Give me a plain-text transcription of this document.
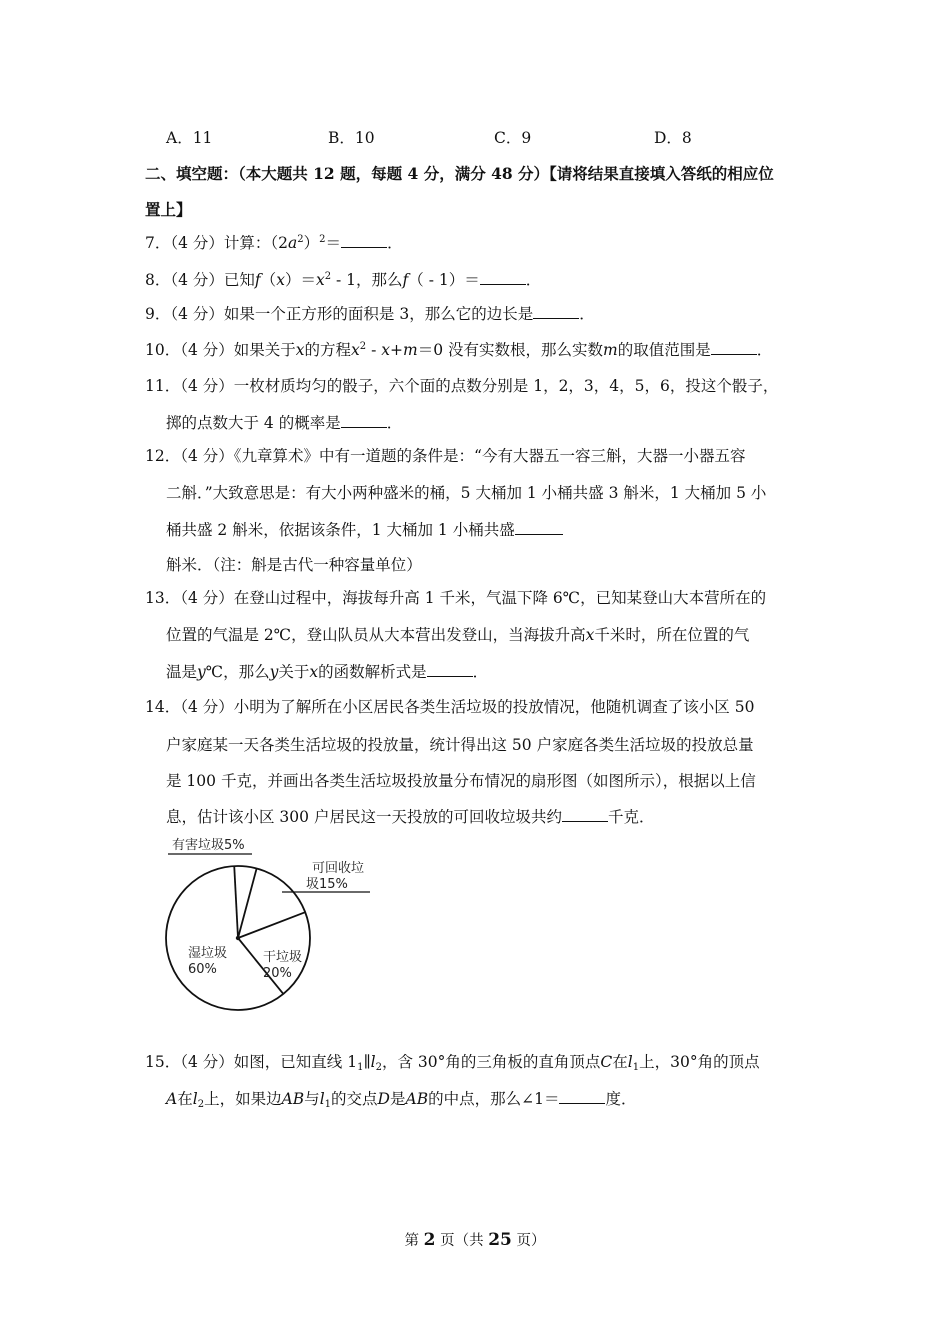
A．11	B．10	C．9	D．8
二、填空题：（本大题共 12 题，每题 4 分，满分 48 分）【请将结果直接填入答纸的相应位
置上】
7．（4 分）计算：$(2a^2)^2=$	．
8．（4 分）已知$f(x)=x^2 - 1$，那么f（ - 1）＝	．
9．（4 分）如果一个正方形的面积是 3，那么它的边长是	．
10．（4 分）如果关于x的方程$x^2 - x+m=0$ 没有实数根，那么实数m的取值范围是	．
11．（4 分）一枚材质均匀的骰子，六个面的点数分别是 1，2，3，4，5，6，投这个骰子，
掷的点数大于 4 的概率是	．
12．（4 分）《九章算术》中有一道题的条件是：“今有大器五一容三斛，大器一小器五容
二斛．”大致意思是：有大小两种盛米的桶，5 大桶加 1 小桶共盛 3 斛米，1 大桶加 5 小
桶共盛 2 斛米，依据该条件，1 大桶加 1 小桶共盛
斛米．（注：斛是古代一种容量单位）
13．（4 分）在登山过程中，海拔每升高 1 千米，气温下降 6℃，已知某登山大本营所在的
位置的气温是 2℃，登山队员从大本营出发登山，当海拔升高x千米时，所在位置的气
温是y℃，那么y关于x的函数解析式是	．
14．（4 分）小明为了解所在小区居民各类生活垃圾的投放情况，他随机调查了该小区 50
户家庭某一天各类生活垃圾的投放量，统计得出这 50 户家庭各类生活垃圾的投放总量
是 100 千克，并画出各类生活垃圾投放量分布情况的扇形图（如图所示），根据以上信
息，估计该小区 300 户居民这一天投放的可回收垃圾共约	千克．
有害垃圾5%
可回收垃
圾15%
干垃圾
20%
湿垃圾
60%
15．（4 分）如图，已知直线 $1_1\parallel l_2$，含 30°角的三角板的直角顶点C在$l_1$上，30°角的顶点
A在$l_2$上，如果边AB与$l_1$的交点D是AB的中点，那么∠1＝	度．
第 2 页（共 25 页）
